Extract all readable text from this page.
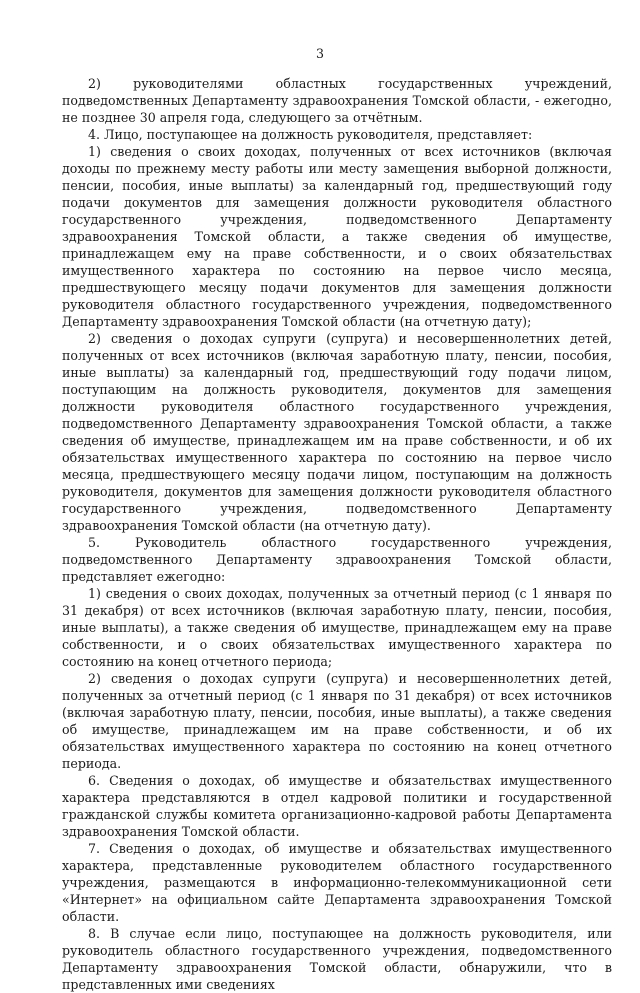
3

2) руководителями областных государственных учреждений, подведомственных Департаменту здравоохранения Томской области, - ежегодно, не позднее 30 апреля года, следующего за отчётным.

4. Лицо, поступающее на должность руководителя, представляет:

1) сведения о своих доходах, полученных от всех источников (включая доходы по прежнему месту работы или месту замещения выборной должности, пенсии, пособия, иные выплаты) за календарный год, предшествующий году подачи документов для замещения должности руководителя областного государственного учреждения, подведомственного Департаменту здравоохранения Томской области, а также сведения об имуществе, принадлежащем ему на праве собственности, и о своих обязательствах имущественного характера по состоянию на первое число месяца, предшествующего месяцу подачи документов для замещения должности руководителя областного государственного учреждения, подведомственного Департаменту здравоохранения Томской области (на отчетную дату);

2) сведения о доходах супруги (супруга) и несовершеннолетних детей, полученных от всех источников (включая заработную плату, пенсии, пособия, иные выплаты) за календарный год, предшествующий году подачи лицом, поступающим на должность руководителя, документов для замещения должности руководителя областного государственного учреждения, подведомственного Департаменту здравоохранения Томской области, а также сведения об имуществе, принадлежащем им на праве собственности, и об их обязательствах имущественного характера по состоянию на первое число месяца, предшествующего месяцу подачи лицом, поступающим на должность руководителя, документов для замещения должности руководителя областного государственного учреждения, подведомственного Департаменту здравоохранения Томской области (на отчетную дату).

5. Руководитель областного государственного учреждения, подведомственного Департаменту здравоохранения Томской области, представляет ежегодно:

1) сведения о своих доходах, полученных за отчетный период (с 1 января по 31 декабря) от всех источников (включая заработную плату, пенсии, пособия, иные выплаты), а также сведения об имуществе, принадлежащем ему на праве собственности, и о своих обязательствах имущественного характера по состоянию на конец отчетного периода;

2) сведения о доходах супруги (супруга) и несовершеннолетних детей, полученных за отчетный период (с 1 января по 31 декабря) от всех источников (включая заработную плату, пенсии, пособия, иные выплаты), а также сведения об имуществе, принадлежащем им на праве собственности, и об их обязательствах имущественного характера по состоянию на конец отчетного периода.

6. Сведения о доходах, об имуществе и обязательствах имущественного характера представляются в отдел кадровой политики и государственной гражданской службы комитета организационно-кадровой работы Департамента здравоохранения Томской области.

7. Сведения о доходах, об имуществе и обязательствах имущественного характера, представленные руководителем областного государственного учреждения, размещаются в информационно-телекоммуникационной сети «Интернет» на официальном сайте Департамента здравоохранения Томской области.

8. В случае если лицо, поступающее на должность руководителя, или руководитель областного государственного учреждения, подведомственного Департаменту здравоохранения Томской области, обнаружили, что в представленных ими сведениях
